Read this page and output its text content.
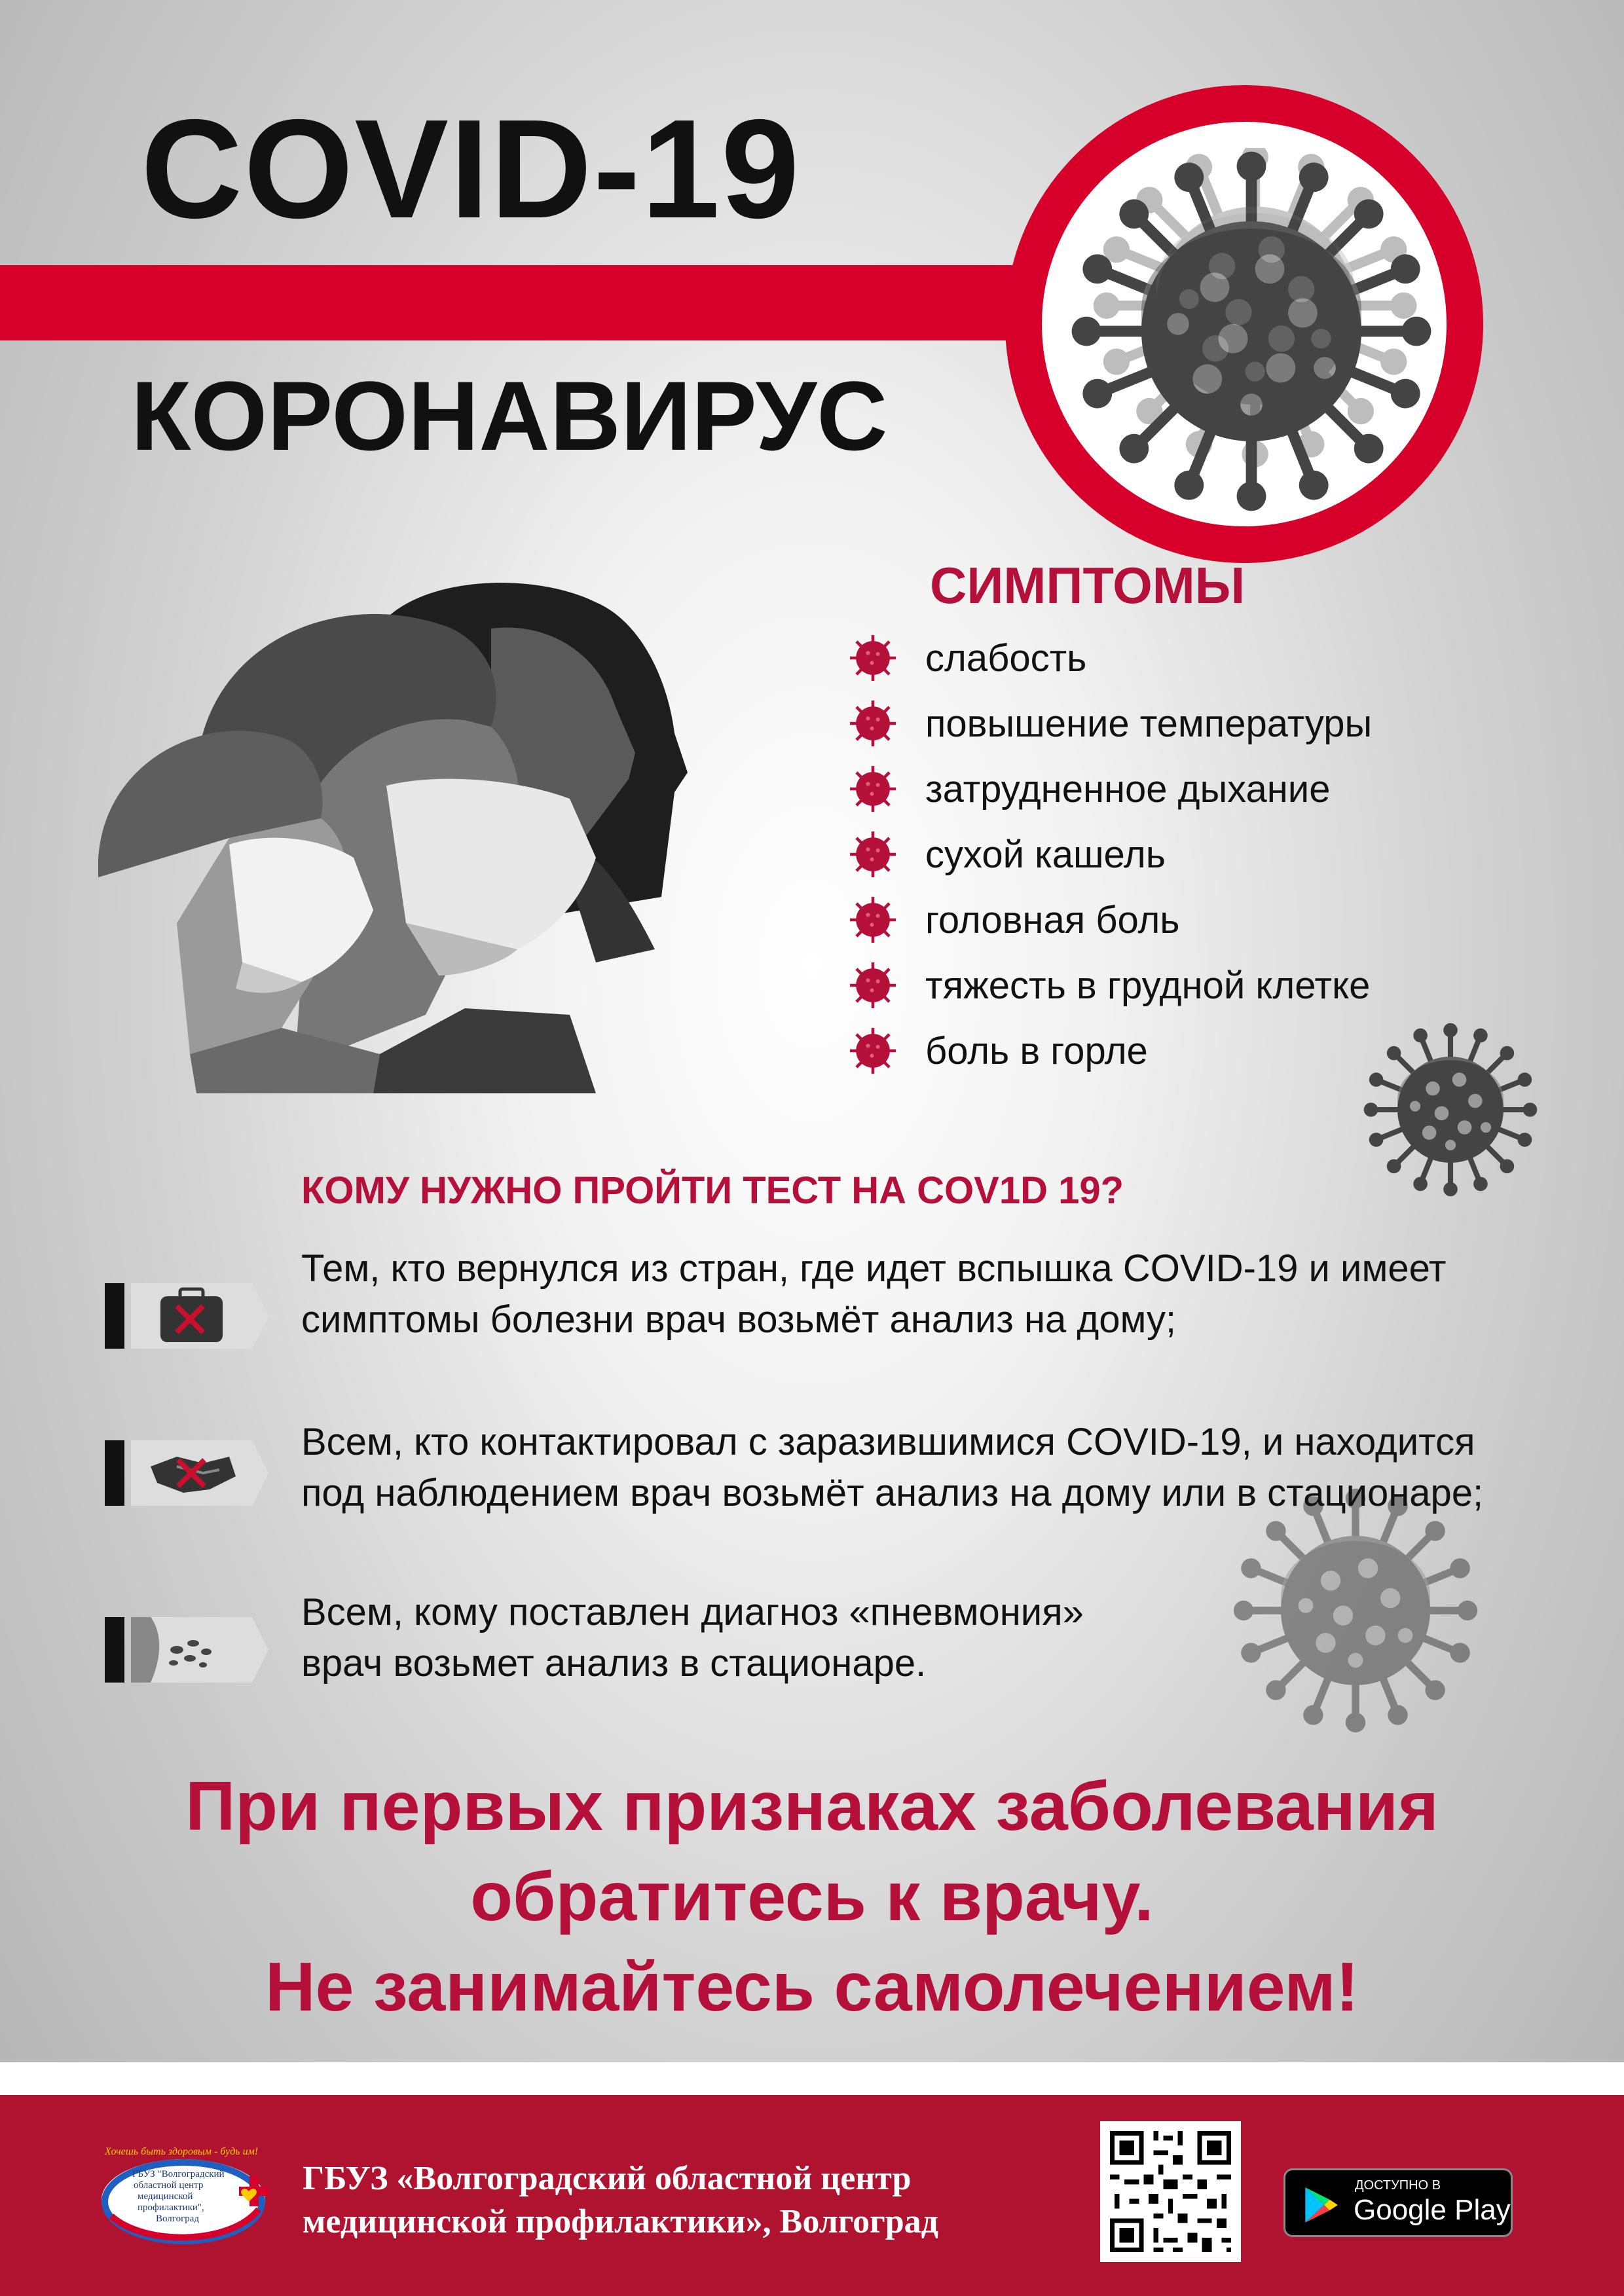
COVID-19
КОРОНАВИРУС
СИМПТОМЫ
слабость
повышение температуры
затрудненное дыхание
сухой кашель
головная боль
тяжесть в грудной клетке
боль в горле
КОМУ НУЖНО ПРОЙТИ ТЕСТ НА COV1D 19?
Тем, кто вернулся из стран, где идет вспышка COVID-19 и имеет
симптомы болезни врач возьмёт анализ на дому;
Всем, кто контактировал с заразившимися COVID-19, и находится
под наблюдением врач возьмёт анализ на дому или в стационаре;
Всем, кому поставлен диагноз «пневмония»
врач возьмет анализ в стационаре.
При первых признаках заболевания
обратитесь к врачу.
Не занимайтесь самолечением!
Хочешь быть здоровым - будь им!
ГБУЗ "Волгоградский
областной центр
медицинской
профилактики",
Волгоград
ГБУЗ «Волгоградский областной центр
медицинской профилактики», Волгоград
ДОСТУПНО В
Google Play
